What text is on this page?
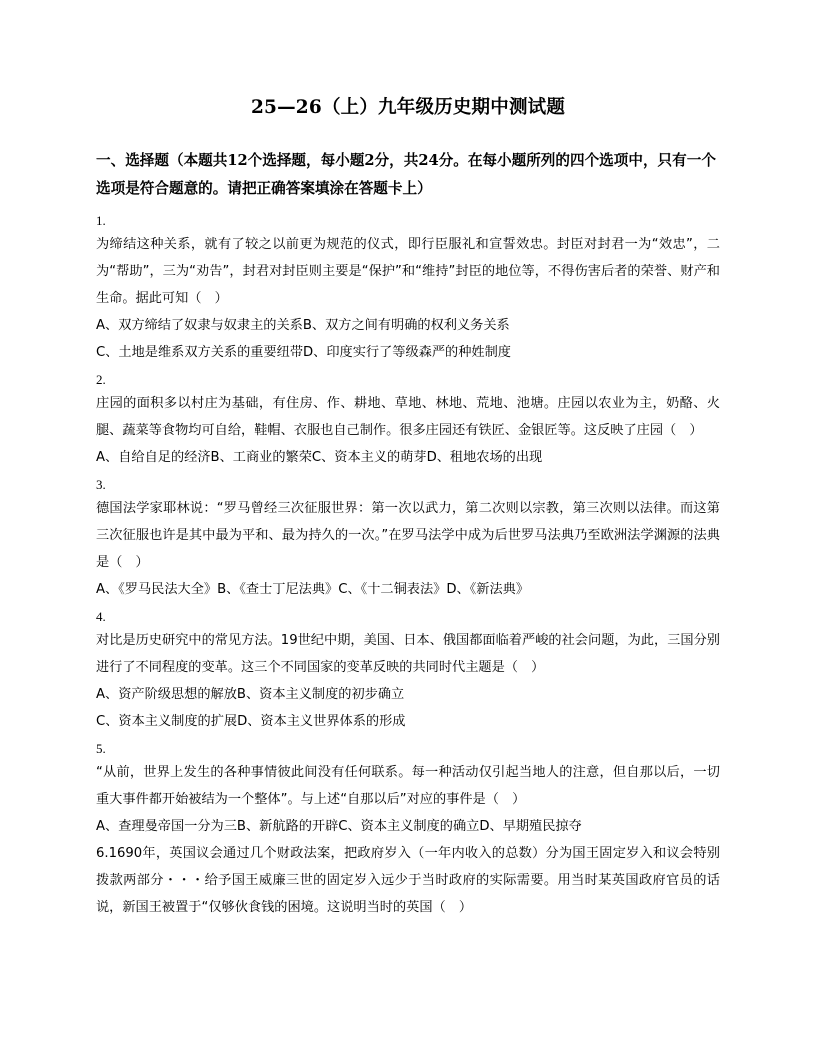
25—26（上）九年级历史期中测试题
一、选择题（本题共12个选择题，每小题2分，共24分。在每小题所列的四个选项中，只有一个选项是符合题意的。请把正确答案填涂在答题卡上）
1.
为缔结这种关系，就有了较之以前更为规范的仪式，即行臣服礼和宣誓效忠。封臣对封君一为“效忠”，二为“帮助”，三为“劝告”，封君对封臣则主要是“保护”和“维持”封臣的地位等，不得伤害后者的荣誉、财产和生命。据此可知（　）
A、双方缔结了奴隶与奴隶主的关系B、双方之间有明确的权利义务关系
C、土地是维系双方关系的重要纽带D、印度实行了等级森严的种姓制度
2.
庄园的面积多以村庄为基础，有住房、作、耕地、草地、林地、荒地、池塘。庄园以农业为主，奶酪、火腿、蔬菜等食物均可自给，鞋帽、衣服也自己制作。很多庄园还有铁匠、金银匠等。这反映了庄园（　）
A、自给自足的经济B、工商业的繁荣C、资本主义的萌芽D、租地农场的出现
3.
德国法学家耶林说：“罗马曾经三次征服世界：第一次以武力，第二次则以宗教，第三次则以法律。而这第三次征服也许是其中最为平和、最为持久的一次。”在罗马法学中成为后世罗马法典乃至欧洲法学渊源的法典是（　）
A、《罗马民法大全》B、《查士丁尼法典》C、《十二铜表法》D、《新法典》
4.
对比是历史研究中的常见方法。19世纪中期，美国、日本、俄国都面临着严峻的社会问题，为此，三国分别进行了不同程度的变革。这三个不同国家的变革反映的共同时代主题是（　）
A、资产阶级思想的解放B、资本主义制度的初步确立
C、资本主义制度的扩展D、资本主义世界体系的形成
5.
“从前，世界上发生的各种事情彼此间没有任何联系。每一种活动仅引起当地人的注意，但自那以后，一切重大事件都开始被结为一个整体”。与上述“自那以后”对应的事件是（　）
A、查理曼帝国一分为三B、新航路的开辟C、资本主义制度的确立D、早期殖民掠夺
6.1690年，英国议会通过几个财政法案，把政府岁入（一年内收入的总数）分为国王固定岁入和议会特别拨款两部分・・・给予国王威廉三世的固定岁入远少于当时政府的实际需要。用当时某英国政府官员的话说，新国王被置于“仅够伙食钱的困境。这说明当时的英国（　）
